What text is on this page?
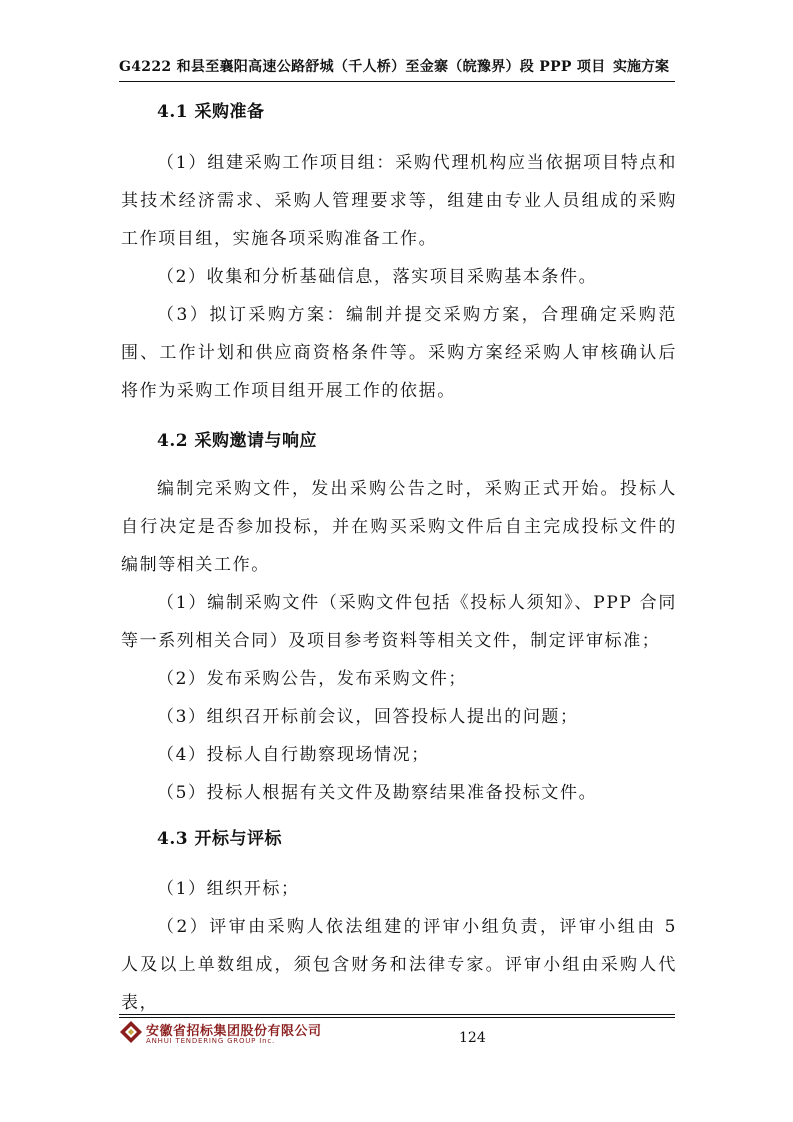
G4222 和县至襄阳高速公路舒城（千人桥）至金寨（皖豫界）段 PPP 项目 实施方案
4.1 采购准备
（1）组建采购工作项目组：采购代理机构应当依据项目特点和其技术经济需求、采购人管理要求等，组建由专业人员组成的采购工作项目组，实施各项采购准备工作。
（2）收集和分析基础信息，落实项目采购基本条件。
（3）拟订采购方案：编制并提交采购方案，合理确定采购范围、工作计划和供应商资格条件等。采购方案经采购人审核确认后将作为采购工作项目组开展工作的依据。
4.2 采购邀请与响应
编制完采购文件，发出采购公告之时，采购正式开始。投标人自行决定是否参加投标，并在购买采购文件后自主完成投标文件的编制等相关工作。
（1）编制采购文件（采购文件包括《投标人须知》、PPP 合同等一系列相关合同）及项目参考资料等相关文件，制定评审标准；
（2）发布采购公告，发布采购文件；
（3）组织召开标前会议，回答投标人提出的问题；
（4）投标人自行勘察现场情况；
（5）投标人根据有关文件及勘察结果准备投标文件。
4.3 开标与评标
（1）组织开标；
（2）评审由采购人依法组建的评审小组负责，评审小组由 5 人及以上单数组成，须包含财务和法律专家。评审小组由采购人代表，
安徽省招标集团股份有限公司
ANHUI TENDERING GROUP Inc.	124
